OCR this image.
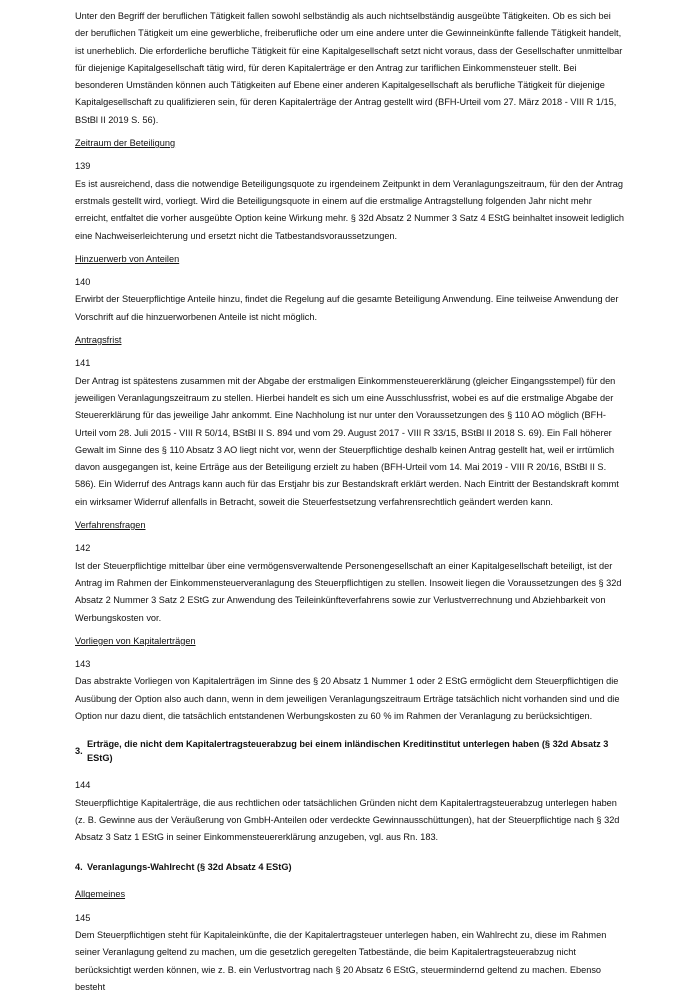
Unter den Begriff der beruflichen Tätigkeit fallen sowohl selbständig als auch nichtselbständig ausgeübte Tätigkeiten. Ob es sich bei der beruflichen Tätigkeit um eine gewerbliche, freiberufliche oder um eine andere unter die Gewinneinkünfte fallende Tätigkeit handelt, ist unerheblich. Die erforderliche berufliche Tätigkeit für eine Kapitalgesellschaft setzt nicht voraus, dass der Gesellschafter unmittelbar für diejenige Kapitalgesellschaft tätig wird, für deren Kapitalerträge er den Antrag zur tariflichen Einkommensteuer stellt. Bei besonderen Umständen können auch Tätigkeiten auf Ebene einer anderen Kapitalgesellschaft als berufliche Tätigkeit für diejenige Kapitalgesellschaft zu qualifizieren sein, für deren Kapitalerträge der Antrag gestellt wird (BFH-Urteil vom 27. März 2018 - VIII R 1/15, BStBl II 2019 S. 56).

Zeitraum der Beteiligung

139

Es ist ausreichend, dass die notwendige Beteiligungsquote zu irgendeinem Zeitpunkt in dem Veranlagungszeitraum, für den der Antrag erstmals gestellt wird, vorliegt. Wird die Beteiligungsquote in einem auf die erstmalige Antragstellung folgenden Jahr nicht mehr erreicht, entfaltet die vorher ausgeübte Option keine Wirkung mehr. § 32d Absatz 2 Nummer 3 Satz 4 EStG beinhaltet insoweit lediglich eine Nachweiserleichterung und ersetzt nicht die Tatbestandsvoraussetzungen.

Hinzuerwerb von Anteilen

140

Erwirbt der Steuerpflichtige Anteile hinzu, findet die Regelung auf die gesamte Beteiligung Anwendung. Eine teilweise Anwendung der Vorschrift auf die hinzuerworbenen Anteile ist nicht möglich.

Antragsfrist

141

Der Antrag ist spätestens zusammen mit der Abgabe der erstmaligen Einkommensteuererklärung (gleicher Eingangsstempel) für den jeweiligen Veranlagungszeitraum zu stellen. Hierbei handelt es sich um eine Ausschlussfrist, wobei es auf die erstmalige Abgabe der Steuererklärung für das jeweilige Jahr ankommt. Eine Nachholung ist nur unter den Voraussetzungen des § 110 AO möglich (BFH-Urteil vom 28. Juli 2015 - VIII R 50/14, BStBl II S. 894 und vom 29. August 2017 - VIII R 33/15, BStBl II 2018 S. 69). Ein Fall höherer Gewalt im Sinne des § 110 Absatz 3 AO liegt nicht vor, wenn der Steuerpflichtige deshalb keinen Antrag gestellt hat, weil er irrtümlich davon ausgegangen ist, keine Erträge aus der Beteiligung erzielt zu haben (BFH-Urteil vom 14. Mai 2019 - VIII R 20/16, BStBl II S. 586). Ein Widerruf des Antrags kann auch für das Erstjahr bis zur Bestandskraft erklärt werden. Nach Eintritt der Bestandskraft kommt ein wirksamer Widerruf allenfalls in Betracht, soweit die Steuerfestsetzung verfahrensrechtlich geändert werden kann.

Verfahrensfragen

142

Ist der Steuerpflichtige mittelbar über eine vermögensverwaltende Personengesellschaft an einer Kapitalgesellschaft beteiligt, ist der Antrag im Rahmen der Einkommensteuerveranlagung des Steuerpflichtigen zu stellen. Insoweit liegen die Voraussetzungen des § 32d Absatz 2 Nummer 3 Satz 2 EStG zur Anwendung des Teileinkünfteverfahrens sowie zur Verlustverrechnung und Abziehbarkeit von Werbungskosten vor.

Vorliegen von Kapitalerträgen

143

Das abstrakte Vorliegen von Kapitalerträgen im Sinne des § 20 Absatz 1 Nummer 1 oder 2 EStG ermöglicht dem Steuerpflichtigen die Ausübung der Option also auch dann, wenn in dem jeweiligen Veranlagungszeitraum Erträge tatsächlich nicht vorhanden sind und die Option nur dazu dient, die tatsächlich entstandenen Werbungskosten zu 60 % im Rahmen der Veranlagung zu berücksichtigen.

3.
Erträge, die nicht dem Kapitalertragsteuerabzug bei einem inländischen Kreditinstitut unterlegen haben (§ 32d Absatz 3 EStG)

144

Steuerpflichtige Kapitalerträge, die aus rechtlichen oder tatsächlichen Gründen nicht dem Kapitalertragsteuerabzug unterlegen haben (z. B. Gewinne aus der Veräußerung von GmbH-Anteilen oder verdeckte Gewinnausschüttungen), hat der Steuerpflichtige nach § 32d Absatz 3 Satz 1 EStG in seiner Einkommensteuererklärung anzugeben, vgl. aus Rn. 183.

4. Veranlagungs-Wahlrecht (§ 32d Absatz 4 EStG)

Allgemeines

145

Dem Steuerpflichtigen steht für Kapitaleinkünfte, die der Kapitalertragsteuer unterlegen haben, ein Wahlrecht zu, diese im Rahmen seiner Veranlagung geltend zu machen, um die gesetzlich geregelten Tatbestände, die beim Kapitalertragsteuerabzug nicht berücksichtigt werden können, wie z. B. ein Verlustvortrag nach § 20 Absatz 6 EStG, steuermindernd geltend zu machen. Ebenso besteht
